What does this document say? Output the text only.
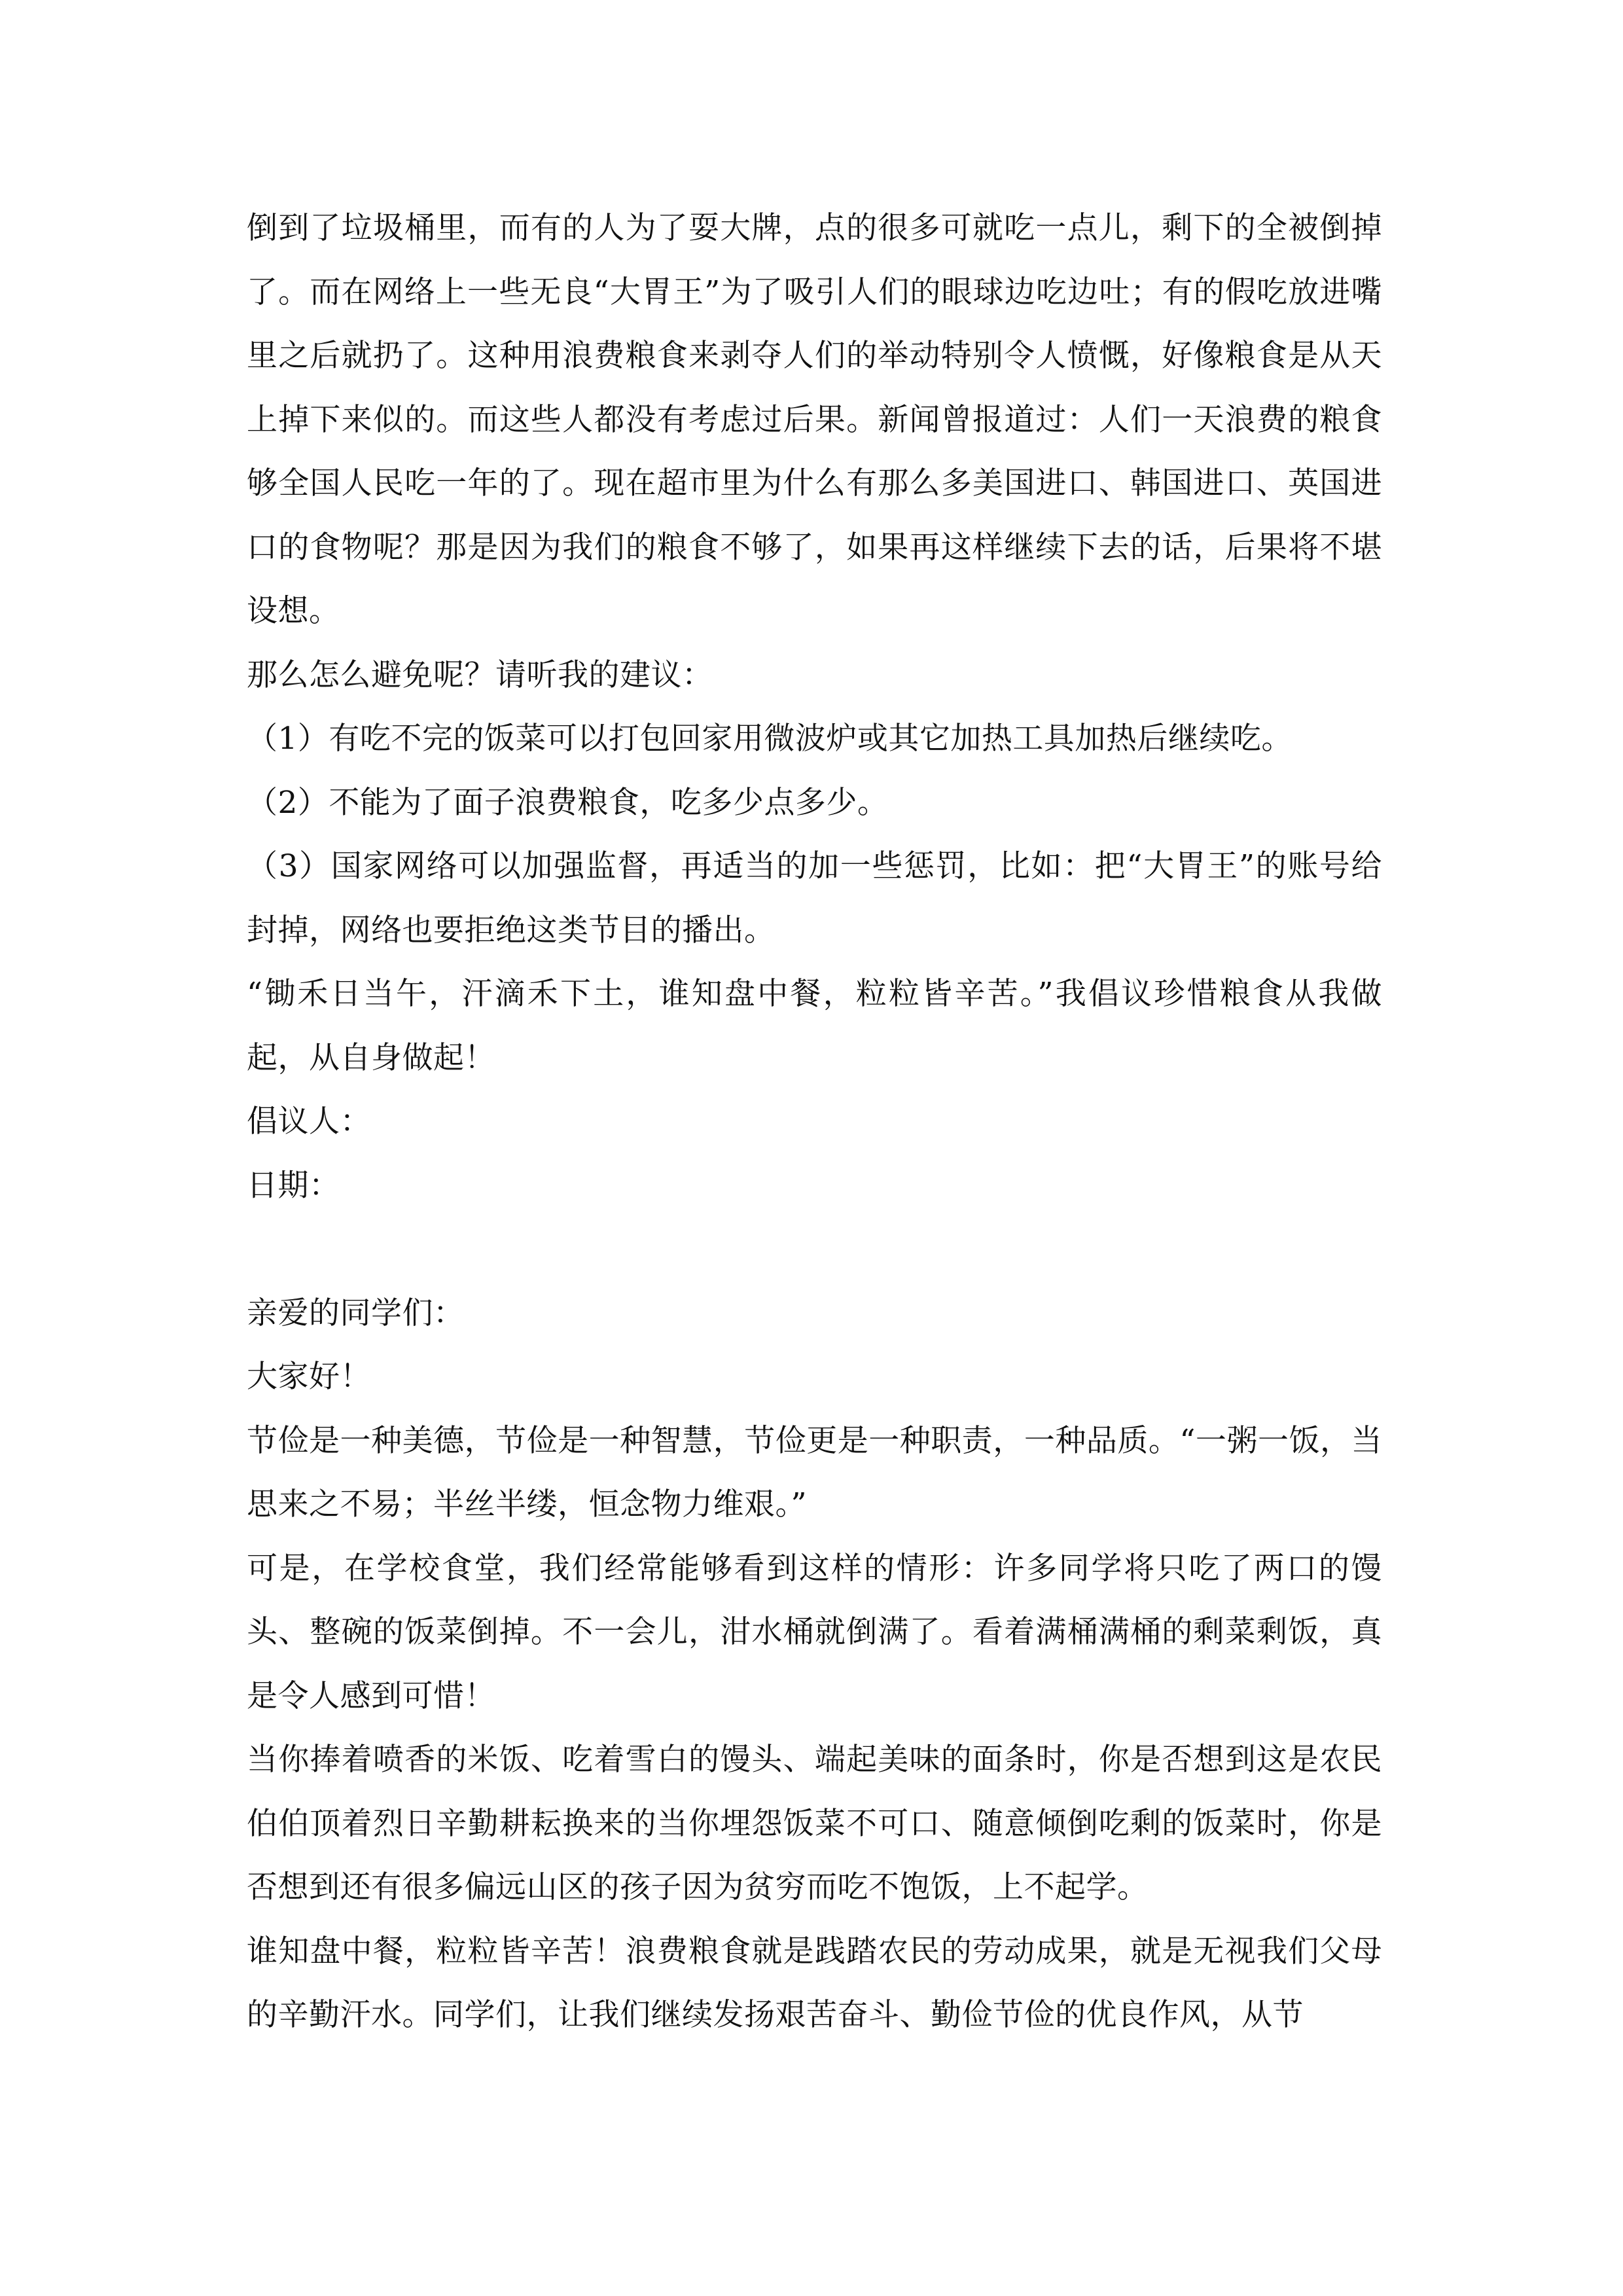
倒到了垃圾桶里，而有的人为了耍大牌，点的很多可就吃一点儿，剩下的全被倒掉了。而在网络上一些无良“大胃王”为了吸引人们的眼球边吃边吐；有的假吃放进嘴里之后就扔了。这种用浪费粮食来剥夺人们的举动特别令人愤慨，好像粮食是从天上掉下来似的。而这些人都没有考虑过后果。新闻曾报道过：人们一天浪费的粮食够全国人民吃一年的了。现在超市里为什么有那么多美国进口、韩国进口、英国进口的食物呢？那是因为我们的粮食不够了，如果再这样继续下去的话，后果将不堪设想。

那么怎么避免呢？请听我的建议：

（1）有吃不完的饭菜可以打包回家用微波炉或其它加热工具加热后继续吃。

（2）不能为了面子浪费粮食，吃多少点多少。

（3）国家网络可以加强监督，再适当的加一些惩罚，比如：把“大胃王”的账号给封掉，网络也要拒绝这类节目的播出。

“锄禾日当午，汗滴禾下土，谁知盘中餐，粒粒皆辛苦。”我倡议珍惜粮食从我做起，从自身做起！

倡议人：

日期：

亲爱的同学们：

大家好！

节俭是一种美德，节俭是一种智慧，节俭更是一种职责，一种品质。“一粥一饭，当思来之不易；半丝半缕，恒念物力维艰。”

可是，在学校食堂，我们经常能够看到这样的情形：许多同学将只吃了两口的馒头、整碗的饭菜倒掉。不一会儿，泔水桶就倒满了。看着满桶满桶的剩菜剩饭，真是令人感到可惜！

当你捧着喷香的米饭、吃着雪白的馒头、端起美味的面条时，你是否想到这是农民伯伯顶着烈日辛勤耕耘换来的当你埋怨饭菜不可口、随意倾倒吃剩的饭菜时，你是否想到还有很多偏远山区的孩子因为贫穷而吃不饱饭，上不起学。

谁知盘中餐，粒粒皆辛苦！浪费粮食就是践踏农民的劳动成果，就是无视我们父母的辛勤汗水。同学们，让我们继续发扬艰苦奋斗、勤俭节俭的优良作风，从节
